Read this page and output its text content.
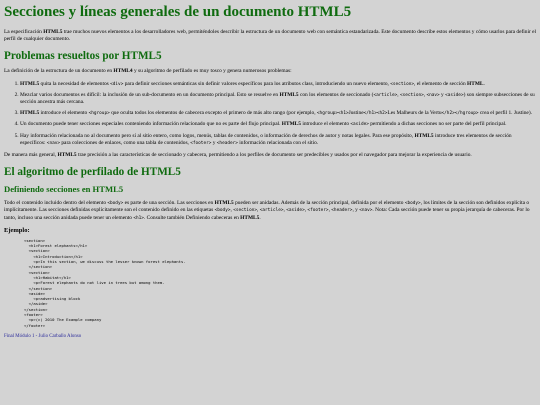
Secciones y líneas generales de un documento HTML5

La especificación HTML5 trae muchos nuevos elementos a los desarrolladores web, permiténdoles describir la estructura de un documento web con semántica estandarizada. Este documento describe estos elementos y cómo usarlos para definir el perfil de cualquier documento.

Problemas resueltos por HTML5

La definición de la estructura de un documento en HTML4 y su algoritmo de perfilado es muy tosco y genera numerosos problemas:

1. HTML5 quita la necesidad de elementos <div> para definir secciones semánticas sin definir valores específicos para los atributos class, introduciendo un nuevo elemento, <section>, el elemento de sección HTML.
2. Mezclar varios documentos es difícil: la inclusión de un sub-documento en un documento principal. Esto se resuelve en HTML5 con los elementos de seccionado (<article>, <section>, <nav> y <aside>) son siempre subsecciones de su sección ancestra más cercana.
3. HTML5 introduce el elemento <hgroup> que oculta todos los elementos de cabecera excepto el primero de más alto rango (por ejemplo, <hgroup><h1>Justine</h1><h2>Les Malheurs de la Vertu</h2></hgroup> crea el perfil 1. Justine).
4. Un documento puede tener secciones especiales conteniendo información relacionado que no es parte del flujo principal. HTML5 introduce el elemento <aside> permitiendo a dichas secciones no ser parte del perfil principal.
5. Hay información relacionada no al documento pero sí al sitio entero, como logos, menús, tablas de contenidos, o información de derechos de autor y notas legales. Para ese propósito, HTML5 introduce tres elementos de sección específicos: <nav> para colecciones de enlaces, como una tabla de contenidos, <footer> y <header> información relacionada con el sitio.

De manera más general, HTML5 trae precisión a las características de seccionado y cabecera, permitiendo a los perfiles de documento ser predecibles y usados por el navegador para mejorar la experiencia de usuario.

El algoritmo de perfilado de HTML5
Definiendo secciones en HTML5

Todo el contenido incluido dentro del elemento <body> es parte de una sección. Las secciones en HTML5 pueden ser anidadas. Además de la sección principal, definida por el elemento <body>, los límites de la sección son definidos explícita o implícitamente. Las secciones definidas explícitamente son el contenido definido en las etiquetas <body>, <section>, <article>, <aside>, <footer>, <header>, y <nav>. Nota: Cada sección puede tener su propia jerarquía de cabeceras. Por lo tanto, incluso una sección anidada puede tener un elemento <h1>. Consulte también Definiendo cabeceras en HTML5.

Ejemplo:
<section>
<h1>Forest elephants</h1>
<section>
<h1>Introduction</h1>
<p>In this section, we discuss the lesser known forest elephants.
</section>
<section>
<h1>Habitat</h1>
<p>Forest elephants do not live in trees but among them.
</section>
<aside>
<p>advertising block
</aside>
</section>
<footer>
<p>(c) 2010 The Example company
</footer>
Final Módulo 1 - Julio Carballo Alonso
